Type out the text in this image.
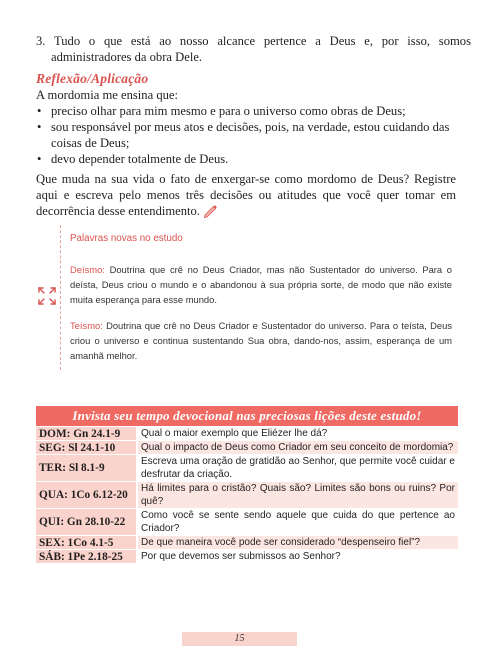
3. Tudo o que está ao nosso alcance pertence a Deus e, por isso, somos administradores da obra Dele.
Reflexão/Aplicação
A mordomia me ensina que:
• preciso olhar para mim mesmo e para o universo como obras de Deus;
• sou responsável por meus atos e decisões, pois, na verdade, estou cuidando das coisas de Deus;
• devo depender totalmente de Deus.
Que muda na sua vida o fato de enxergar-se como mordomo de Deus? Registre aqui e escreva pelo menos três decisões ou atitudes que você quer tomar em decorrência desse entendimento.
Palavras novas no estudo
Deísmo: Doutrina que crê no Deus Criador, mas não Sustentador do universo. Para o deísta, Deus criou o mundo e o abandonou à sua própria sorte, de modo que não existe muita esperança para esse mundo.
Teísmo: Doutrina que crê no Deus Criador e Sustentador do universo. Para o teísta, Deus criou o universo e continua sustentando Sua obra, dando-nos, assim, esperança de um amanhã melhor.
Invista seu tempo devocional nas preciosas lições deste estudo!	
DOM: Gn 24.1-9	Qual o maior exemplo que Eliézer lhe dá?
SEG: Sl 24.1-10	Qual o impacto de Deus como Criador em seu conceito de mordomia?
TER: Sl 8.1-9	Escreva uma oração de gratidão ao Senhor, que permite você cuidar e desfrutar da criação.
QUA: 1Co 6.12-20	Há limites para o cristão? Quais são? Limites são bons ou ruins? Por quê?
QUI: Gn 28.10-22	Como você se sente sendo aquele que cuida do que pertence ao Criador?
SEX: 1Co 4.1-5	De que maneira você pode ser considerado “despenseiro fiel”?
SÁB: 1Pe 2.18-25	Por que devemos ser submissos ao Senhor?
15
